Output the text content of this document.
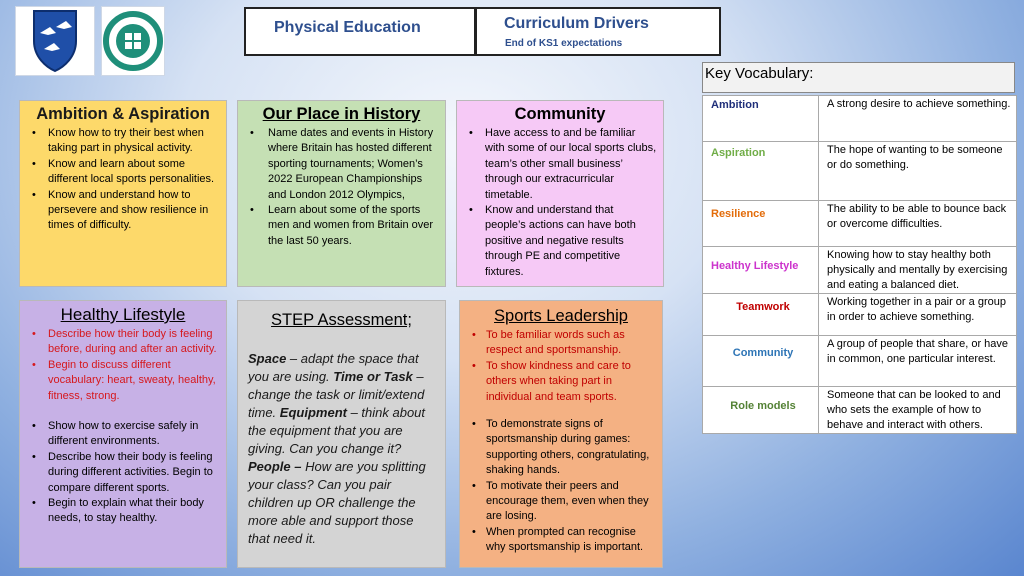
Physical Education	Curriculum Drivers
End of KS1 expectations
Ambition & Aspiration
• Know how to try their best when taking part in physical activity.
• Know and learn about some different local sports personalities.
• Know and understand how to persevere and show resilience in times of difficulty.
Our Place in History
• Name dates and events in History where Britain has hosted different sporting tournaments; Women’s 2022 European Championships and London 2012 Olympics,
• Learn about some of the sports men and women from Britain over the last 50 years.
Community
• Have access to and be familiar with some of our local sports clubs, team’s other small business’ through our extracurricular timetable.
• Know and understand that people’s actions can have both positive and negative results through PE and competitive fixtures.
Healthy Lifestyle
• Describe how their body is feeling before, during and after an activity.
• Begin to discuss different vocabulary: heart, sweaty, healthy, fitness, strong.
• Show how to exercise safely in different environments.
• Describe how their body is feeling during different activities. Begin to compare different sports.
• Begin to explain what their body needs, to stay healthy.
STEP Assessment;

Space – adapt the space that you are using. Time or Task – change the task or limit/extend time. Equipment – think about the equipment that you are giving. Can you change it? People – How are you splitting your class? Can you pair children up OR challenge the more able and support those that need it.

Sports Leadership
• To be familiar words such as respect and sportsmanship.
• To show kindness and care to others when taking part in individual and team sports.
• To demonstrate signs of sportsmanship during games: supporting others, congratulating, shaking hands.
• To motivate their peers and encourage them, even when they are losing.
• When prompted can recognise why sportsmanship is important.
Key Vocabulary:
Ambition	A strong desire to achieve something.
Aspiration	The hope of wanting to be someone or do something.
Resilience	The ability to be able to bounce back or overcome difficulties.
Healthy Lifestyle	Knowing how to stay healthy both physically and mentally by exercising and eating a balanced diet.
Teamwork	Working together in a pair or a group in order to achieve something.
Community	A group of people that share, or have in common, one particular interest.
Role models	Someone that can be looked to and who sets the example of how to behave and interact with others.
